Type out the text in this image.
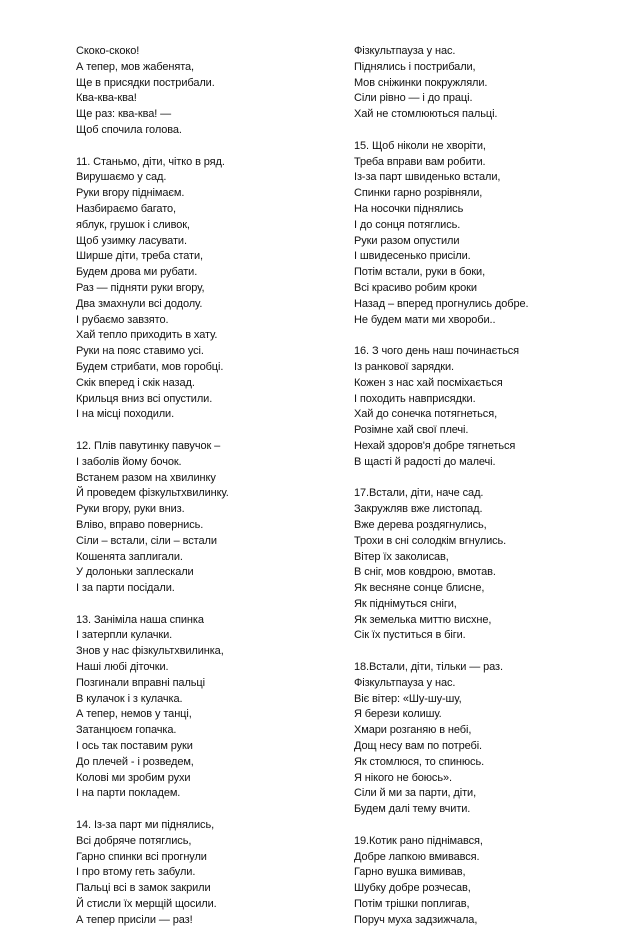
Скоко-скоко!
А тепер, мов жабенята,
Ще в присядки пострибали.
Ква-ква-ква!
Ще раз: ква-ква! —
Щоб спочила голова.
11. Станьмо, діти, чітко в ряд.
Вирушаємо у сад.
Руки вгору піднімаєм.
Назбираємо багато,
яблук, грушок і сливок,
Щоб узимку ласувати.
Ширше діти, треба стати,
Будем дрова ми рубати.
Раз — підняти руки вгору,
Два змахнули всі додолу.
І рубаємо завзято.
Хай тепло приходить в хату.
Руки на пояс ставимо усі.
Будем стрибати, мов горобці.
Скік вперед і скік назад.
Крильця вниз всі опустили.
І на місці походили.
12. Плів павутинку павучок –
І заболів йому бочок.
Встанем разом на хвилинку
Й проведем фізкультхвилинку.
Руки вгору, руки вниз.
Вліво, вправо повернись.
Сіли – встали, сіли – встали
Кошенята заплигали.
У долоньки заплескали
І за парти посідали.
13. Заніміла наша спинка
І затерпли кулачки.
Знов у нас фізкультхвилинка,
Наші любі діточки.
Позгинали вправні пальці
В кулачок і з кулачка.
А тепер, немов у танці,
Затанцюєм гопачка.
І ось так поставим руки
До плечей - і розведем,
Колові ми зробим рухи
І на парти покладем.
14. Із-за парт ми піднялись,
Всі добряче потяглись,
Гарно спинки всі прогнули
І про втому геть забули.
Пальці всі в замок закрили
Й стисли їх мерщій щосили.
А тепер присіли — раз!
Фізкультпауза у нас.
Піднялись і пострибали,
Мов сніжинки покружляли.
Сіли рівно — і до праці.
Хай не стомлюються пальці.
15. Щоб ніколи не хворіти,
Треба вправи вам робити.
Із-за парт швиденько встали,
Спинки гарно розрівняли,
На носочки піднялись
І до сонця потяглись.
Руки разом опустили
І швидесенько присіли.
Потім встали, руки в боки,
Всі красиво робим кроки
Назад – вперед прогнулись добре.
Не будем мати ми хвороби..
16. З чого день наш починається
Із ранкової зарядки.
Кожен з нас хай посміхається
І походить навприсядки.
Хай до сонечка потягнеться,
Розімне хай свої плечі.
Нехай здоров'я добре тягнеться
В щасті й радості до малечі.
17.Встали, діти, наче сад.
Закружляв вже листопад.
Вже дерева роздягнулись,
Трохи в сні солодкім вгнулись.
Вітер їх заколисав,
В сніг, мов ковдрою, вмотав.
Як весняне сонце блисне,
Як піднімуться сніги,
Як земелька миттю висхне,
Сік їх пуститься в біги.
18.Встали, діти, тільки — раз.
Фізкультпауза у нас.
Віє вітер: «Шу-шу-шу,
Я берези колишу.
Хмари розганяю в небі,
Дощ несу вам по потребі.
Як стомлюся, то спинюсь.
Я нікого не боюсь».
Сіли й ми за парти, діти,
Будем далі тему вчити.
19.Котик рано піднімався,
Добре лапкою вмивався.
Гарно вушка вимивав,
Шубку добре розчесав,
Потім трішки поплигав,
Поруч муха задзижчала,
